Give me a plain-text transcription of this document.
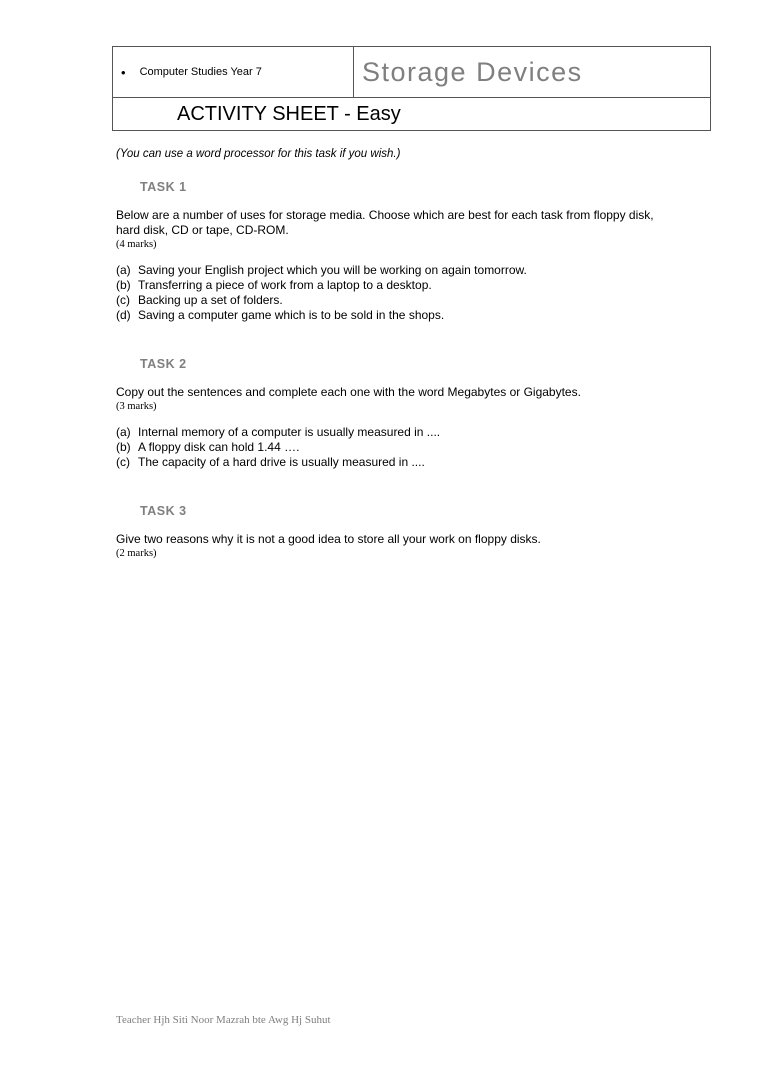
• Computer Studies Year 7	Storage Devices
ACTIVITY SHEET - Easy

(You can use a word processor for this task if you wish.)

TASK 1

Below are a number of uses for storage media. Choose which are best for each task from floppy disk, hard disk, CD or tape, CD-ROM.

(4 marks)

(a) Saving your English project which you will be working on again tomorrow.
(b) Transferring a piece of work from a laptop to a desktop.
(c) Backing up a set of folders.
(d) Saving a computer game which is to be sold in the shops.
TASK 2

Copy out the sentences and complete each one with the word Megabytes or Gigabytes.

(3 marks)

(a) Internal memory of a computer is usually measured in ....
(b) A floppy disk can hold 1.44 ….
(c) The capacity of a hard drive is usually measured in ....
TASK 3

Give two reasons why it is not a good idea to store all your work on floppy disks.

(2 marks)

Teacher Hjh Siti Noor Mazrah bte Awg Hj Suhut
